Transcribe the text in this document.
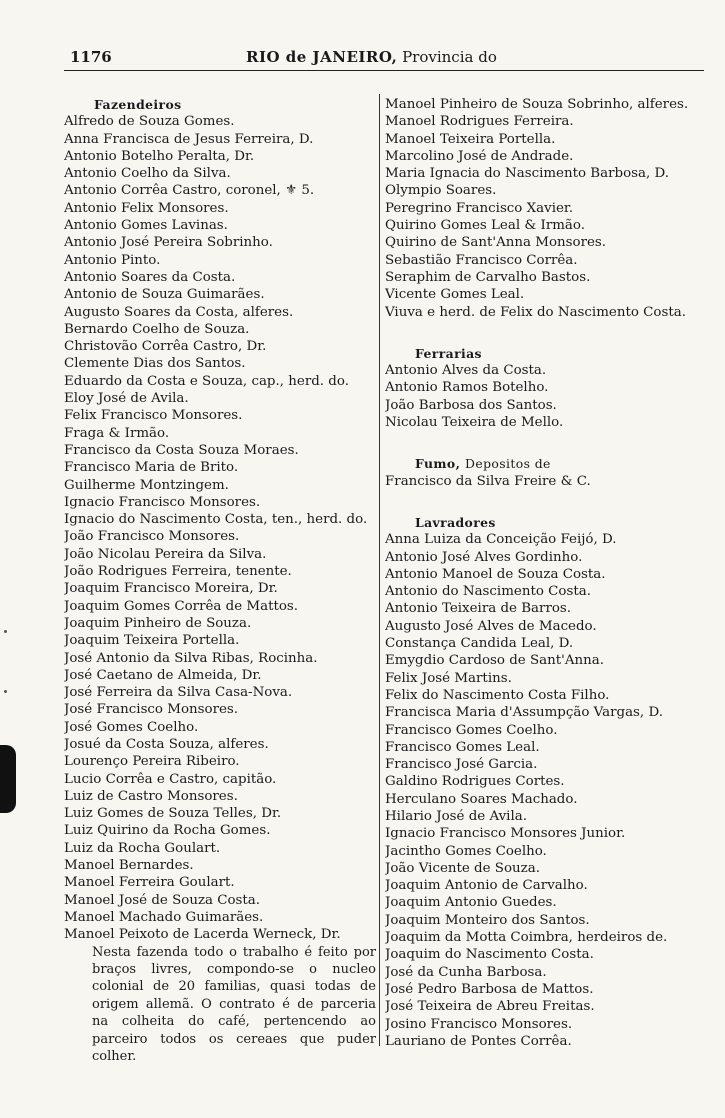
1176	RIO de JANEIRO, Provincia do
Fazendeiros
Alfredo de Souza Gomes.
Anna Francisca de Jesus Ferreira, D.
Antonio Botelho Peralta, Dr.
Antonio Coelho da Silva.
Antonio Corrêa Castro, coronel, ⚜ 5.
Antonio Felix Monsores.
Antonio Gomes Lavinas.
Antonio José Pereira Sobrinho.
Antonio Pinto.
Antonio Soares da Costa.
Antonio de Souza Guimarães.
Augusto Soares da Costa, alferes.
Bernardo Coelho de Souza.
Christovão Corrêa Castro, Dr.
Clemente Dias dos Santos.
Eduardo da Costa e Souza, cap., herd. do.
Eloy José de Avila.
Felix Francisco Monsores.
Fraga & Irmão.
Francisco da Costa Souza Moraes.
Francisco Maria de Brito.
Guilherme Montzingem.
Ignacio Francisco Monsores.
Ignacio do Nascimento Costa, ten., herd. do.
João Francisco Monsores.
João Nicolau Pereira da Silva.
João Rodrigues Ferreira, tenente.
Joaquim Francisco Moreira, Dr.
Joaquim Gomes Corrêa de Mattos.
Joaquim Pinheiro de Souza.
Joaquim Teixeira Portella.
José Antonio da Silva Ribas, Rocinha.
José Caetano de Almeida, Dr.
José Ferreira da Silva Casa-Nova.
José Francisco Monsores.
José Gomes Coelho.
Josué da Costa Souza, alferes.
Lourenço Pereira Ribeiro.
Lucio Corrêa e Castro, capitão.
Luiz de Castro Monsores.
Luiz Gomes de Souza Telles, Dr.
Luiz Quirino da Rocha Gomes.
Luiz da Rocha Goulart.
Manoel Bernardes.
Manoel Ferreira Goulart.
Manoel José de Souza Costa.
Manoel Machado Guimarães.
Manoel Peixoto de Lacerda Werneck, Dr.
Nesta fazenda todo o trabalho é feito por braços livres, compondo-se o nucleo colonial de 20 familias, quasi todas de origem allemã. O contrato é de parceria na colheita do café, pertencendo ao parceiro todos os cereaes que puder colher.
Manoel Pinheiro de Souza Sobrinho, alferes.
Manoel Rodrigues Ferreira.
Manoel Teixeira Portella.
Marcolino José de Andrade.
Maria Ignacia do Nascimento Barbosa, D.
Olympio Soares.
Peregrino Francisco Xavier.
Quirino Gomes Leal & Irmão.
Quirino de Sant'Anna Monsores.
Sebastião Francisco Corrêa.
Seraphim de Carvalho Bastos.
Vicente Gomes Leal.
Viuva e herd. de Felix do Nascimento Costa.
Ferrarias
Antonio Alves da Costa.
Antonio Ramos Botelho.
João Barbosa dos Santos.
Nicolau Teixeira de Mello.
Fumo, Depositos de
Francisco da Silva Freire & C.
Lavradores
Anna Luiza da Conceição Feijó, D.
Antonio José Alves Gordinho.
Antonio Manoel de Souza Costa.
Antonio do Nascimento Costa.
Antonio Teixeira de Barros.
Augusto José Alves de Macedo.
Constança Candida Leal, D.
Emygdio Cardoso de Sant'Anna.
Felix José Martins.
Felix do Nascimento Costa Filho.
Francisca Maria d'Assumpção Vargas, D.
Francisco Gomes Coelho.
Francisco Gomes Leal.
Francisco José Garcia.
Galdino Rodrigues Cortes.
Herculano Soares Machado.
Hilario José de Avila.
Ignacio Francisco Monsores Junior.
Jacintho Gomes Coelho.
João Vicente de Souza.
Joaquim Antonio de Carvalho.
Joaquim Antonio Guedes.
Joaquim Monteiro dos Santos.
Joaquim da Motta Coimbra, herdeiros de.
Joaquim do Nascimento Costa.
José da Cunha Barbosa.
José Pedro Barbosa de Mattos.
José Teixeira de Abreu Freitas.
Josino Francisco Monsores.
Lauriano de Pontes Corrêa.
